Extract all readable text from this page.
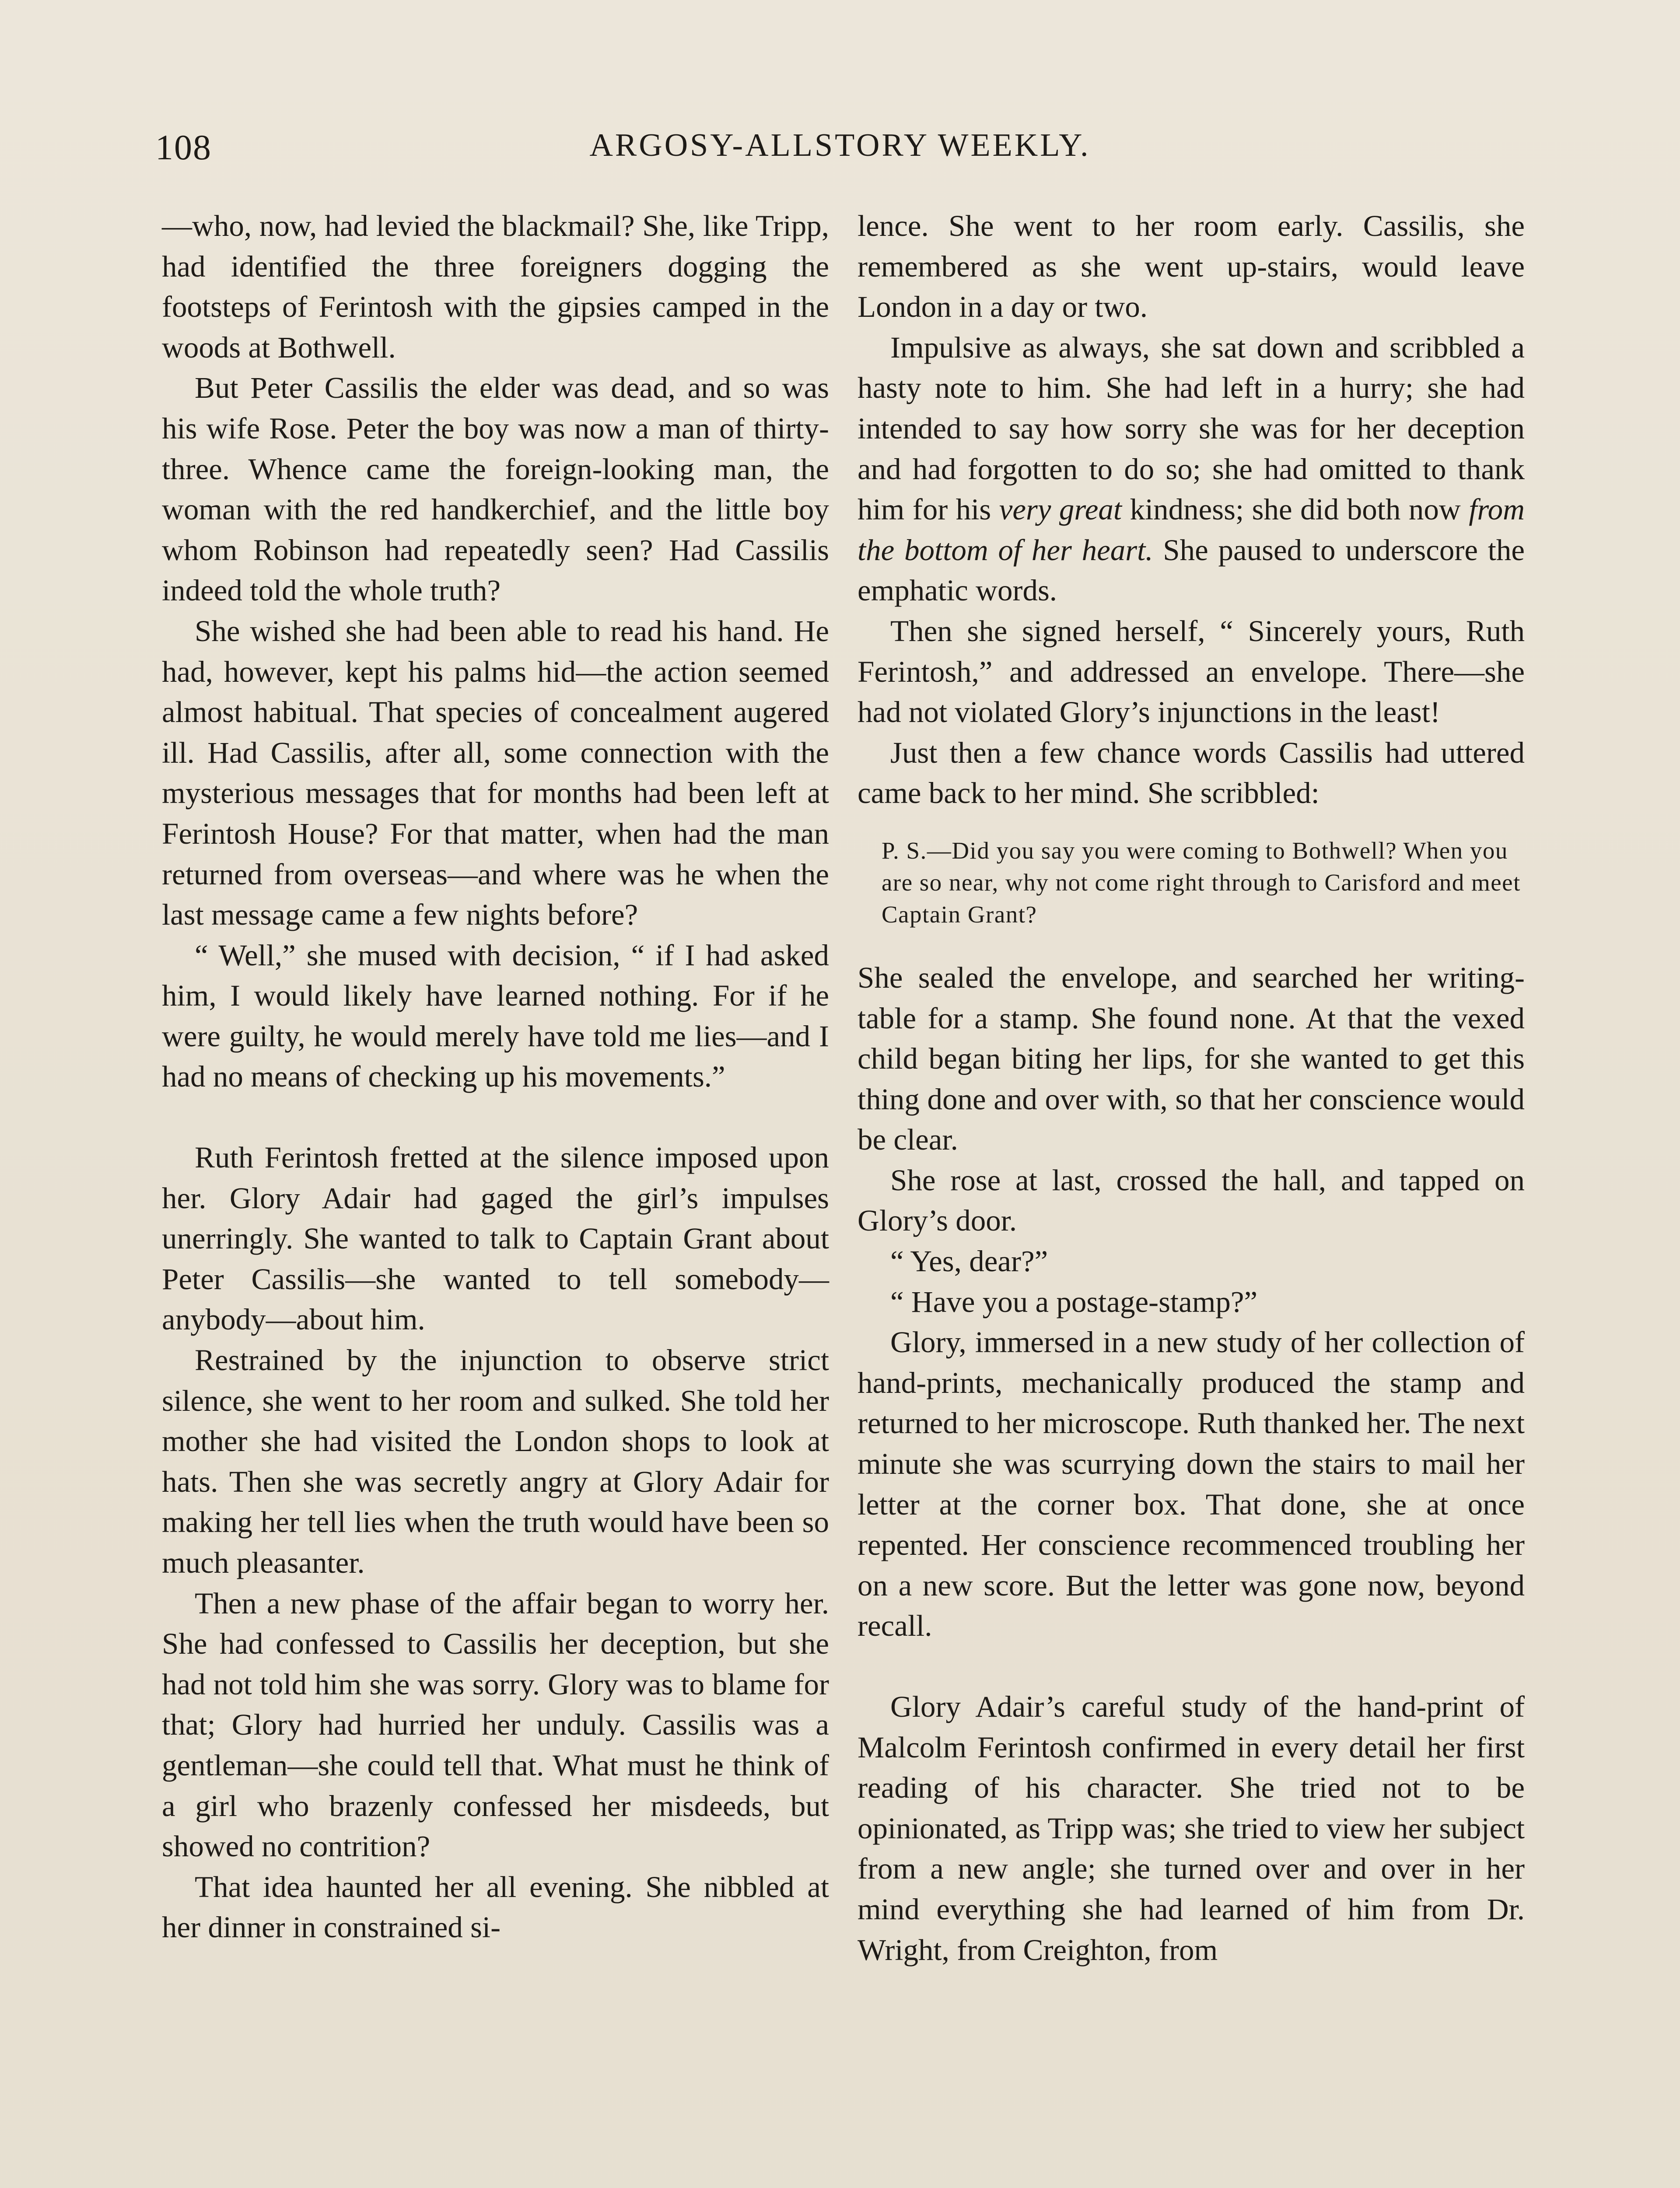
108	ARGOSY-ALLSTORY WEEKLY.

—who, now, had levied the blackmail? She, like Tripp, had identified the three foreigners dogging the footsteps of Ferintosh with the gipsies camped in the woods at Bothwell.

But Peter Cassilis the elder was dead, and so was his wife Rose. Peter the boy was now a man of thirty-three. Whence came the foreign-looking man, the woman with the red handkerchief, and the little boy whom Robinson had repeatedly seen? Had Cassilis indeed told the whole truth?

She wished she had been able to read his hand. He had, however, kept his palms hid—the action seemed almost habitual. That species of concealment augered ill. Had Cassilis, after all, some connection with the mysterious messages that for months had been left at Ferintosh House? For that matter, when had the man returned from overseas—and where was he when the last message came a few nights before?

“ Well,” she mused with decision, “ if I had asked him, I would likely have learned nothing. For if he were guilty, he would merely have told me lies—and I had no means of checking up his movements.”

Ruth Ferintosh fretted at the silence imposed upon her. Glory Adair had gaged the girl’s impulses unerringly. She wanted to talk to Captain Grant about Peter Cassilis—she wanted to tell somebody—anybody—about him.

Restrained by the injunction to observe strict silence, she went to her room and sulked. She told her mother she had visited the London shops to look at hats. Then she was secretly angry at Glory Adair for making her tell lies when the truth would have been so much pleasanter.

Then a new phase of the affair began to worry her. She had confessed to Cassilis her deception, but she had not told him she was sorry. Glory was to blame for that; Glory had hurried her unduly. Cassilis was a gentleman—she could tell that. What must he think of a girl who brazenly confessed her misdeeds, but showed no contrition?

That idea haunted her all evening. She nibbled at her dinner in constrained si-

lence. She went to her room early. Cassilis, she remembered as she went up-stairs, would leave London in a day or two.

Impulsive as always, she sat down and scribbled a hasty note to him. She had left in a hurry; she had intended to say how sorry she was for her deception and had forgotten to do so; she had omitted to thank him for his very great kindness; she did both now from the bottom of her heart. She paused to underscore the emphatic words.

Then she signed herself, “ Sincerely yours, Ruth Ferintosh,” and addressed an envelope. There—she had not violated Glory’s injunctions in the least!

Just then a few chance words Cassilis had uttered came back to her mind. She scribbled:

P. S.—Did you say you were coming to Bothwell? When you are so near, why not come right through to Carisford and meet Captain Grant?

She sealed the envelope, and searched her writing-table for a stamp. She found none. At that the vexed child began biting her lips, for she wanted to get this thing done and over with, so that her conscience would be clear.

She rose at last, crossed the hall, and tapped on Glory’s door.

“ Yes, dear?”

“ Have you a postage-stamp?”

Glory, immersed in a new study of her collection of hand-prints, mechanically produced the stamp and returned to her microscope. Ruth thanked her. The next minute she was scurrying down the stairs to mail her letter at the corner box. That done, she at once repented. Her conscience recommenced troubling her on a new score. But the letter was gone now, beyond recall.

Glory Adair’s careful study of the hand-print of Malcolm Ferintosh confirmed in every detail her first reading of his character. She tried not to be opinionated, as Tripp was; she tried to view her subject from a new angle; she turned over and over in her mind everything she had learned of him from Dr. Wright, from Creighton, from
